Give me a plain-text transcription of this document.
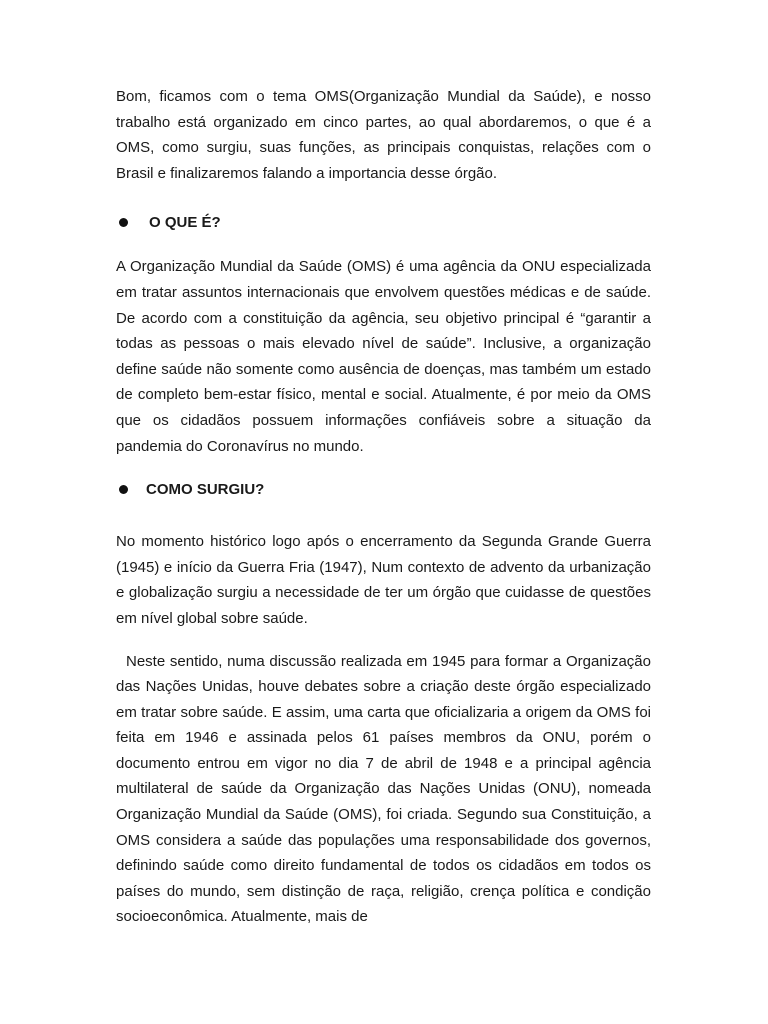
Bom, ficamos com o tema OMS(Organização Mundial da Saúde), e nosso trabalho está organizado em cinco partes, ao qual abordaremos, o que é a OMS, como surgiu, suas funções, as principais conquistas, relações com o Brasil e finalizaremos falando a importancia desse órgão.

O QUE É?

A Organização Mundial da Saúde (OMS) é uma agência da ONU especializada em tratar assuntos internacionais que envolvem questões médicas e de saúde. De acordo com a constituição da agência, seu objetivo principal é “garantir a todas as pessoas o mais elevado nível de saúde”. Inclusive, a organização define saúde não somente como ausência de doenças, mas também um estado de completo bem-estar físico, mental e social. Atualmente, é por meio da OMS que os cidadãos possuem informações confiáveis sobre a situação da pandemia do Coronavírus no mundo.

COMO SURGIU?

No momento histórico logo após o encerramento da Segunda Grande Guerra (1945) e início da Guerra Fria (1947), Num contexto de advento da urbanização e globalização surgiu a necessidade de ter um órgão que cuidasse de questões em nível global sobre saúde.

Neste sentido, numa discussão realizada em 1945 para formar a Organização das Nações Unidas, houve debates sobre a criação deste órgão especializado em tratar sobre saúde. E assim, uma carta que oficializaria a origem da OMS foi feita em 1946 e assinada pelos 61 países membros da ONU, porém o documento entrou em vigor no dia 7 de abril de 1948 e a principal agência multilateral de saúde da Organização das Nações Unidas (ONU), nomeada Organização Mundial da Saúde (OMS), foi criada. Segundo sua Constituição, a OMS considera a saúde das populações uma responsabilidade dos governos, definindo saúde como direito fundamental de todos os cidadãos em todos os países do mundo, sem distinção de raça, religião, crença política e condição socioeconômica. Atualmente, mais de
